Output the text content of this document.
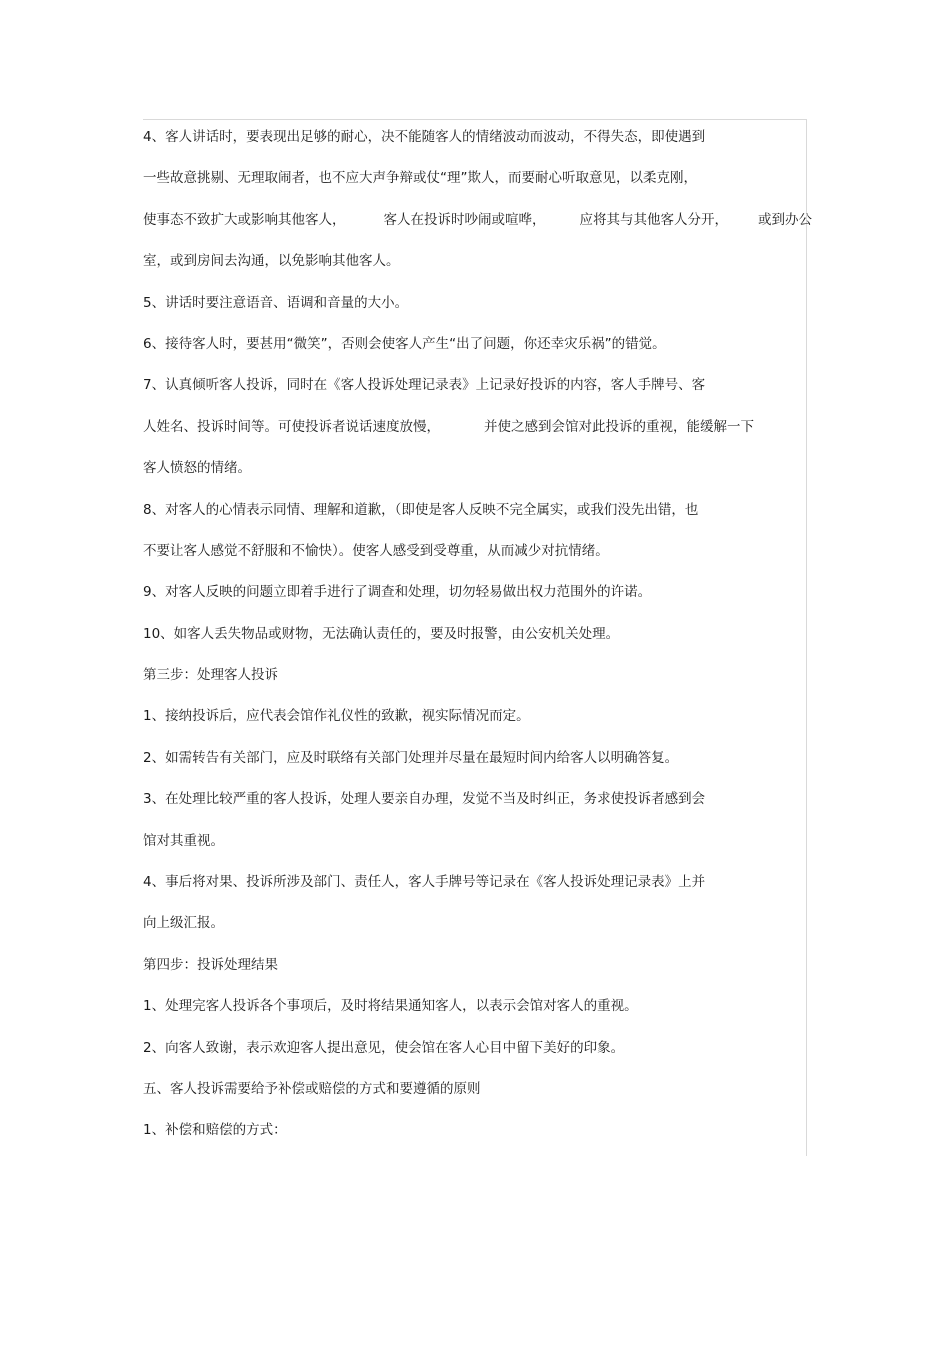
4、客人讲话时，要表现出足够的耐心，决不能随客人的情绪波动而波动，不得失态，即使遇到
一些故意挑剔、无理取闹者，也不应大声争辩或仗“理”欺人，而要耐心听取意见，以柔克刚，
使事态不致扩大或影响其他客人，	客人在投诉时吵闹或喧哗，	应将其与其他客人分开， 或到办公
室，或到房间去沟通，以免影响其他客人。
5、讲话时要注意语音、语调和音量的大小。
6、接待客人时，要甚用“微笑”，否则会使客人产生“出了问题，你还幸灾乐祸”的错觉。
7、认真倾听客人投诉，同时在《客人投诉处理记录表》上记录好投诉的内容，客人手牌号、客
人姓名、投诉时间等。可使投诉者说话速度放慢，	并使之感到会馆对此投诉的重视，能缓解一下
客人愤怒的情绪。
8、对客人的心情表示同情、理解和道歉，（即使是客人反映不完全属实，或我们没先出错，也
不要让客人感觉不舒服和不愉快）。使客人感受到受尊重，从而减少对抗情绪。
9、对客人反映的问题立即着手进行了调查和处理，切勿轻易做出权力范围外的许诺。
10、如客人丢失物品或财物，无法确认责任的，要及时报警，由公安机关处理。
第三步：处理客人投诉
1、接纳投诉后，应代表会馆作礼仪性的致歉，视实际情况而定。
2、如需转告有关部门，应及时联络有关部门处理并尽量在最短时间内给客人以明确答复。
3、在处理比较严重的客人投诉，处理人要亲自办理，发觉不当及时纠正，务求使投诉者感到会
馆对其重视。
4、事后将对果、投诉所涉及部门、责任人，客人手牌号等记录在《客人投诉处理记录表》上并
向上级汇报。
第四步：投诉处理结果
1、处理完客人投诉各个事项后，及时将结果通知客人，以表示会馆对客人的重视。
2、向客人致谢，表示欢迎客人提出意见，使会馆在客人心目中留下美好的印象。
五、客人投诉需要给予补偿或赔偿的方式和要遵循的原则
1、补偿和赔偿的方式：
